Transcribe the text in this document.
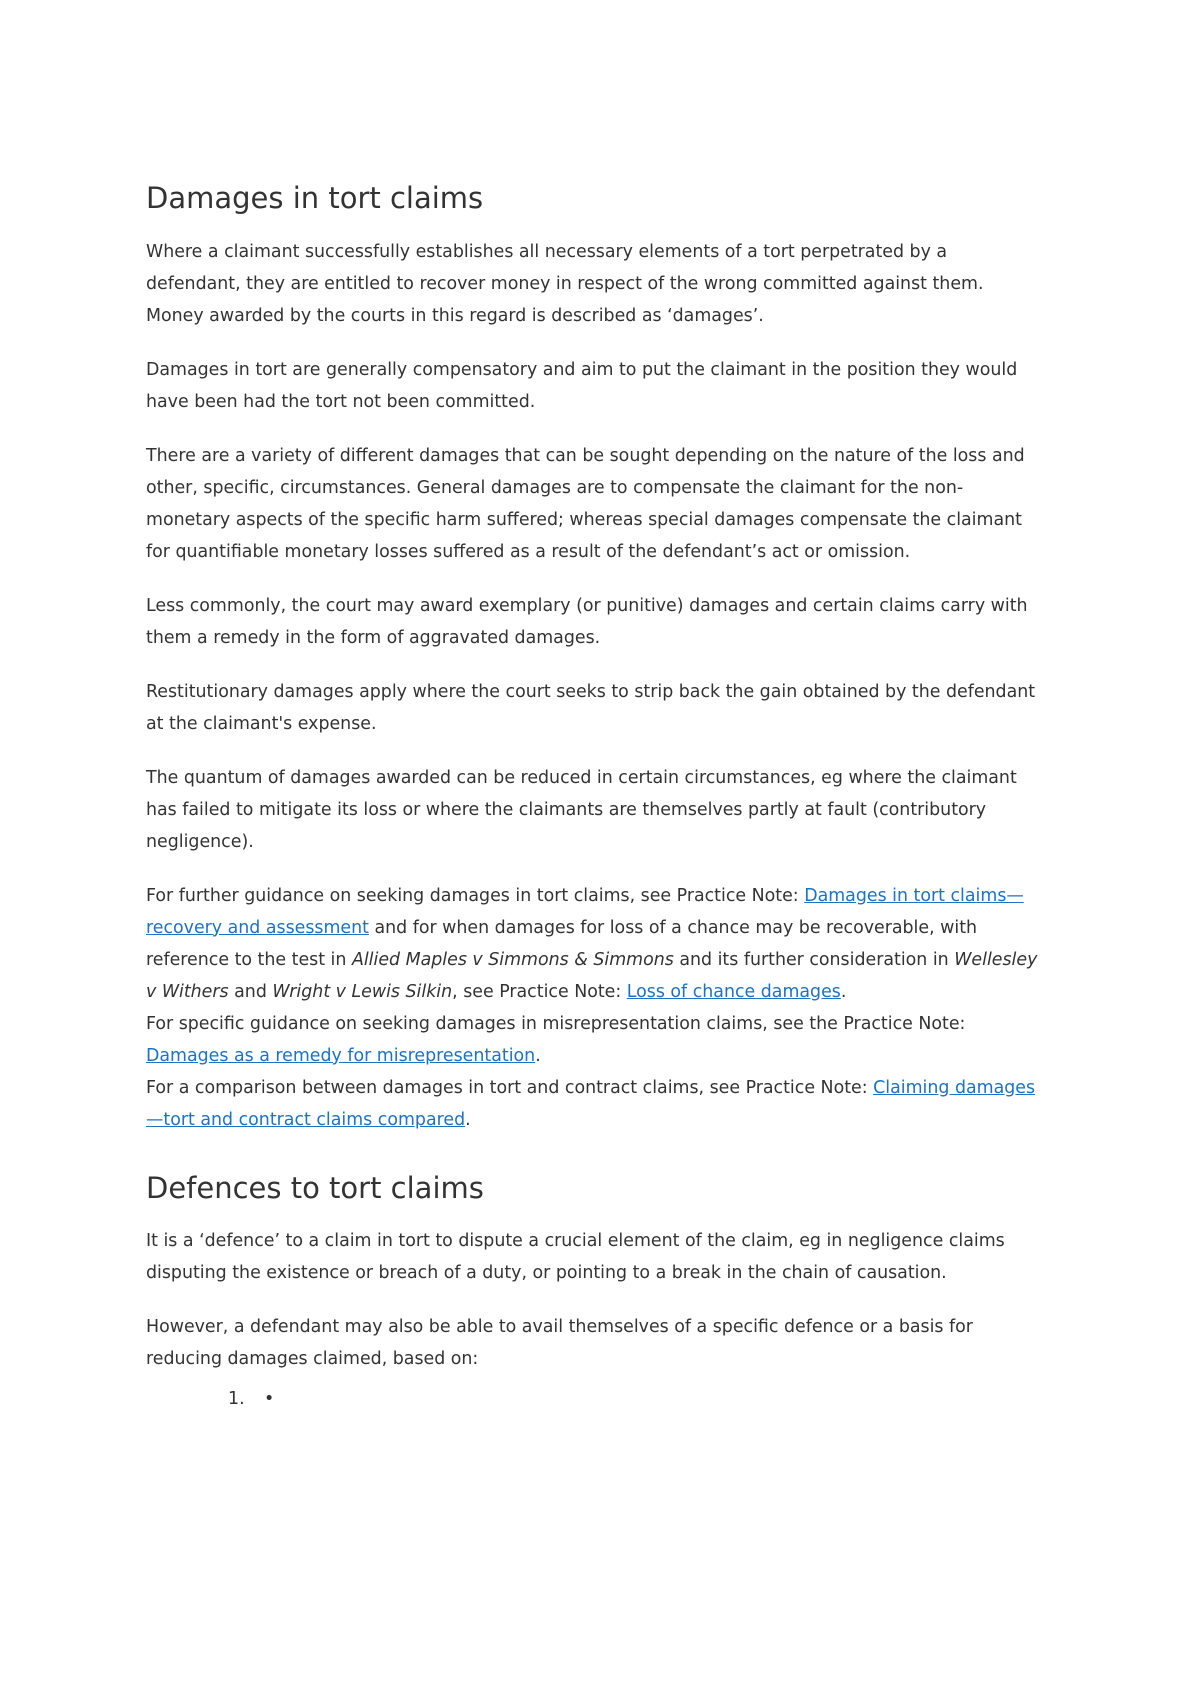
Damages in tort claims

Where a claimant successfully establishes all necessary elements of a tort perpetrated by a defendant, they are entitled to recover money in respect of the wrong committed against them. Money awarded by the courts in this regard is described as ‘damages’.

Damages in tort are generally compensatory and aim to put the claimant in the position they would have been had the tort not been committed.

There are a variety of different damages that can be sought depending on the nature of the loss and other, specific, circumstances. General damages are to compensate the claimant for the non-monetary aspects of the specific harm suffered; whereas special damages compensate the claimant for quantifiable monetary losses suffered as a result of the defendant’s act or omission.

Less commonly, the court may award exemplary (or punitive) damages and certain claims carry with them a remedy in the form of aggravated damages.

Restitutionary damages apply where the court seeks to strip back the gain obtained by the defendant at the claimant's expense.

The quantum of damages awarded can be reduced in certain circumstances, eg where the claimant has failed to mitigate its loss or where the claimants are themselves partly at fault (contributory negligence).

For further guidance on seeking damages in tort claims, see Practice Note: Damages in tort claims—recovery and assessment and for when damages for loss of a chance may be recoverable, with reference to the test in Allied Maples v Simmons & Simmons and its further consideration in Wellesley v Withers and Wright v Lewis Silkin, see Practice Note: Loss of chance damages.

For specific guidance on seeking damages in misrepresentation claims, see the Practice Note: Damages as a remedy for misrepresentation.

For a comparison between damages in tort and contract claims, see Practice Note: Claiming damages—tort and contract claims compared.

Defences to tort claims

It is a ‘defence’ to a claim in tort to dispute a crucial element of the claim, eg in negligence claims disputing the existence or breach of a duty, or pointing to a break in the chain of causation.

However, a defendant may also be able to avail themselves of a specific defence or a basis for reducing damages claimed, based on:

1. •
